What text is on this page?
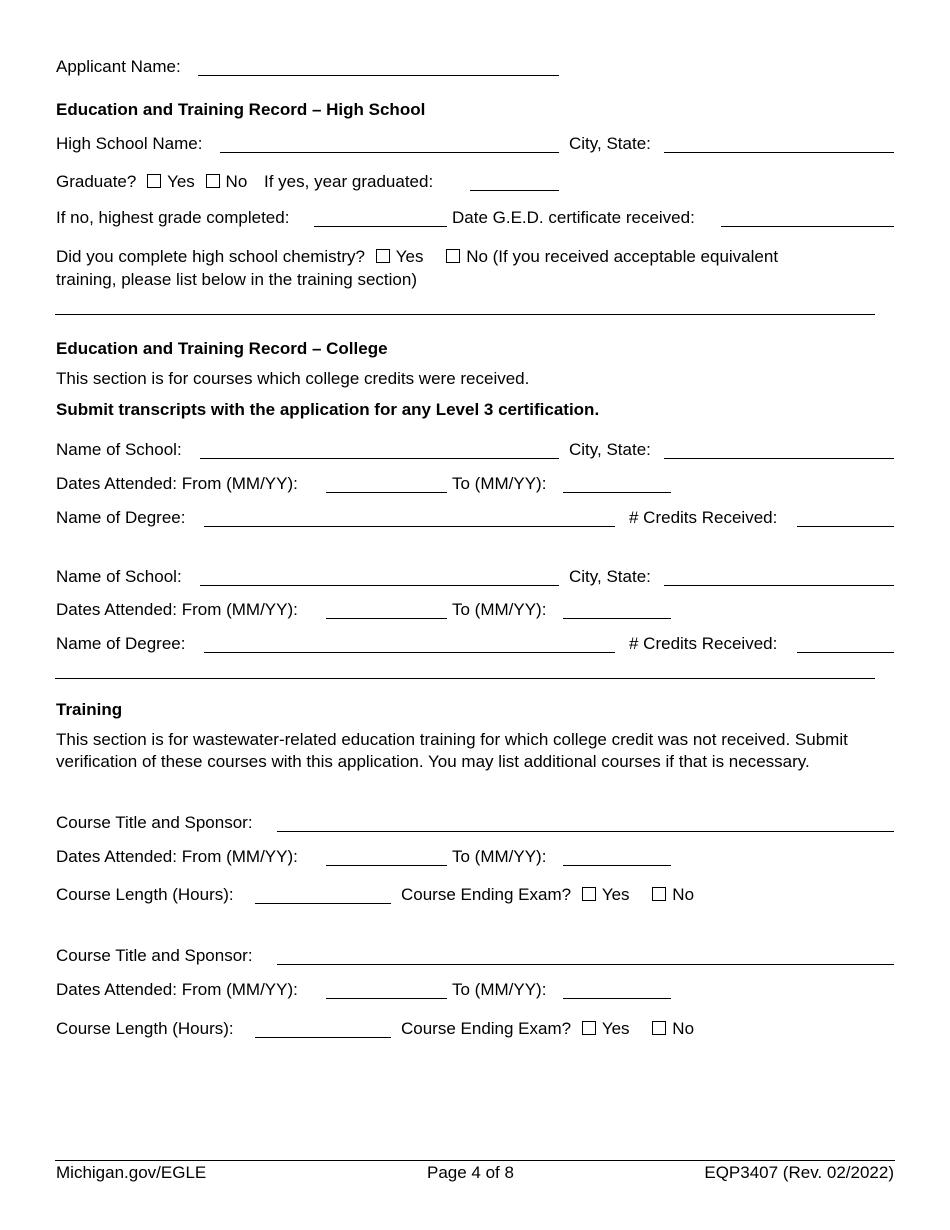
Applicant Name:
Education and Training Record – High School
High School Name:	City, State:
Graduate? Yes No If yes, year graduated:
If no, highest grade completed:	Date G.E.D. certificate received:
Did you complete high school chemistry? Yes	No (If you received acceptable equivalent
training, please list below in the training section)
Education and Training Record – College
This section is for courses which college credits were received.
Submit transcripts with the application for any Level 3 certification.
Name of School:	City, State:
Dates Attended: From (MM/YY):	To (MM/YY):
Name of Degree:	# Credits Received:
Name of School:	City, State:
Dates Attended: From (MM/YY):	To (MM/YY):
Name of Degree:	# Credits Received:
Training
This section is for wastewater-related education training for which college credit was not received. Submit verification of these courses with this application. You may list additional courses if that is necessary.
Course Title and Sponsor:
Dates Attended: From (MM/YY):	To (MM/YY):
Course Length (Hours):	Course Ending Exam? Yes	No
Course Title and Sponsor:
Dates Attended: From (MM/YY):	To (MM/YY):
Course Length (Hours):	Course Ending Exam? Yes	No
Michigan.gov/EGLE	Page 4 of 8	EQP3407 (Rev. 02/2022)
